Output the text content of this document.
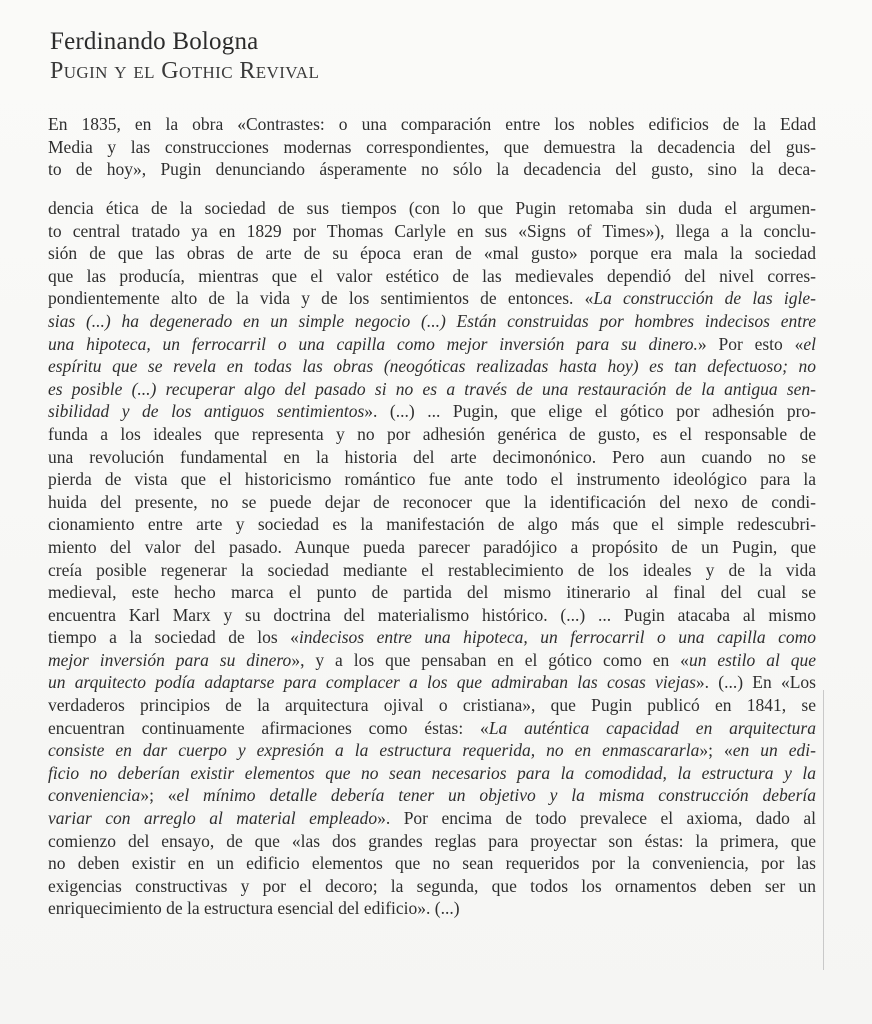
Ferdinando Bologna
Pugin y el Gothic Revival
En 1835, en la obra «Contrastes: o una comparación entre los nobles edificios de la Edad
Media y las construcciones modernas correspondientes, que demuestra la decadencia del gus-
to de hoy», Pugin denunciando ásperamente no sólo la decadencia del gusto, sino la deca-
dencia ética de la sociedad de sus tiempos (con lo que Pugin retomaba sin duda el argumen-
to central tratado ya en 1829 por Thomas Carlyle en sus «Signs of Times»), llega a la conclu-
sión de que las obras de arte de su época eran de «mal gusto» porque era mala la sociedad
que las producía, mientras que el valor estético de las medievales dependió del nivel corres-
pondientemente alto de la vida y de los sentimientos de entonces. «La construcción de las igle-
sias (...) ha degenerado en un simple negocio (...) Están construidas por hombres indecisos entre
una hipoteca, un ferrocarril o una capilla como mejor inversión para su dinero.» Por esto «el
espíritu que se revela en todas las obras (neogóticas realizadas hasta hoy) es tan defectuoso; no
es posible (...) recuperar algo del pasado si no es a través de una restauración de la antigua sen-
sibilidad y de los antiguos sentimientos». (...) ... Pugin, que elige el gótico por adhesión pro-
funda a los ideales que representa y no por adhesión genérica de gusto, es el responsable de
una revolución fundamental en la historia del arte decimonónico. Pero aun cuando no se
pierda de vista que el historicismo romántico fue ante todo el instrumento ideológico para la
huida del presente, no se puede dejar de reconocer que la identificación del nexo de condi-
cionamiento entre arte y sociedad es la manifestación de algo más que el simple redescubri-
miento del valor del pasado. Aunque pueda parecer paradójico a propósito de un Pugin, que
creía posible regenerar la sociedad mediante el restablecimiento de los ideales y de la vida
medieval, este hecho marca el punto de partida del mismo itinerario al final del cual se
encuentra Karl Marx y su doctrina del materialismo histórico. (...) ... Pugin atacaba al mismo
tiempo a la sociedad de los «indecisos entre una hipoteca, un ferrocarril o una capilla como
mejor inversión para su dinero», y a los que pensaban en el gótico como en «un estilo al que
un arquitecto podía adaptarse para complacer a los que admiraban las cosas viejas». (...) En «Los
verdaderos principios de la arquitectura ojival o cristiana», que Pugin publicó en 1841, se
encuentran continuamente afirmaciones como éstas: «La auténtica capacidad en arquitectura
consiste en dar cuerpo y expresión a la estructura requerida, no en enmascararla»; «en un edi-
ficio no deberían existir elementos que no sean necesarios para la comodidad, la estructura y la
conveniencia»; «el mínimo detalle debería tener un objetivo y la misma construcción debería
variar con arreglo al material empleado». Por encima de todo prevalece el axioma, dado al
comienzo del ensayo, de que «las dos grandes reglas para proyectar son éstas: la primera, que
no deben existir en un edificio elementos que no sean requeridos por la conveniencia, por las
exigencias constructivas y por el decoro; la segunda, que todos los ornamentos deben ser un
enriquecimiento de la estructura esencial del edificio». (...)
